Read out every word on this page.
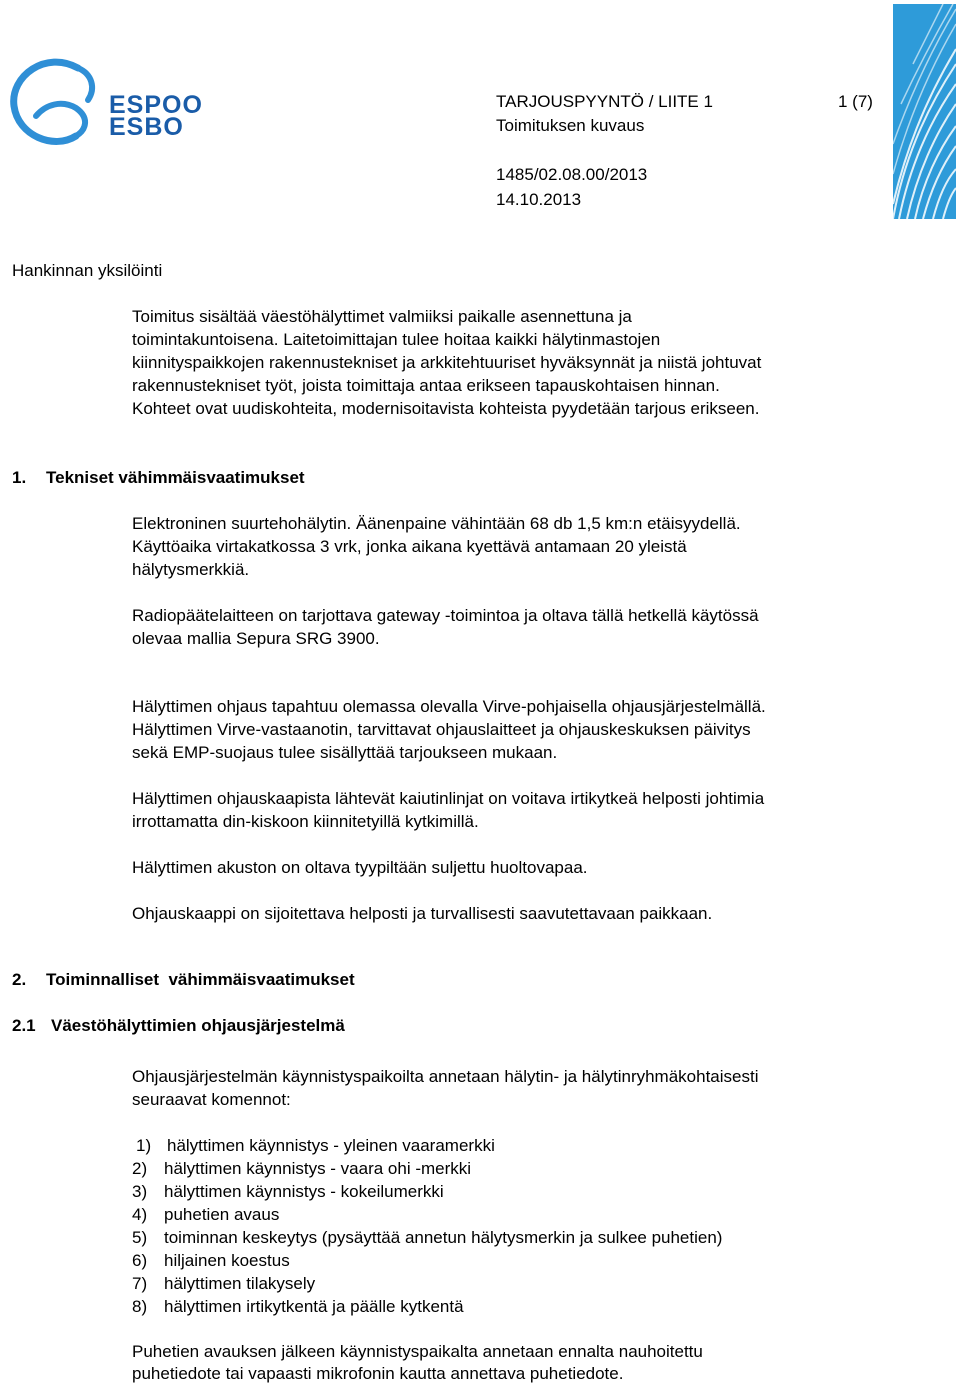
ESPOO
ESBO
TARJOUSPYYNTÖ / LIITE 1	1 (7)
Toimituksen kuvaus
1485/02.08.00/2013
14.10.2013
Hankinnan yksilöinti
Toimitus sisältää väestöhälyttimet valmiiksi paikalle asennettuna ja
toimintakuntoisena. Laitetoimittajan tulee hoitaa kaikki hälytinmastojen
kiinnityspaikkojen rakennustekniset ja arkkitehtuuriset hyväksynnät ja niistä johtuvat
rakennustekniset työt, joista toimittaja antaa erikseen tapauskohtaisen hinnan.
Kohteet ovat uudiskohteita, modernisoitavista kohteista pyydetään tarjous erikseen.
1. Tekniset vähimmäisvaatimukset
Elektroninen suurtehohälytin. Äänenpaine vähintään 68 db 1,5 km:n etäisyydellä.
Käyttöaika virtakatkossa 3 vrk, jonka aikana kyettävä antamaan 20 yleistä
hälytysmerkkiä.
Radiopäätelaitteen on tarjottava gateway -toimintoa ja oltava tällä hetkellä käytössä
olevaa mallia Sepura SRG 3900.
Hälyttimen ohjaus tapahtuu olemassa olevalla Virve-pohjaisella ohjausjärjestelmällä.
Hälyttimen Virve-vastaanotin, tarvittavat ohjauslaitteet ja ohjauskeskuksen päivitys
sekä EMP-suojaus tulee sisällyttää tarjoukseen mukaan.
Hälyttimen ohjauskaapista lähtevät kaiutinlinjat on voitava irtikytkeä helposti johtimia
irrottamatta din-kiskoon kiinnitetyillä kytkimillä.
Hälyttimen akuston on oltava tyypiltään suljettu huoltovapaa.
Ohjauskaappi on sijoitettava helposti ja turvallisesti saavutettavaan paikkaan.
2. Toiminnalliset  vähimmäisvaatimukset
2.1 Väestöhälyttimien ohjausjärjestelmä
Ohjausjärjestelmän käynnistyspaikoilta annetaan hälytin- ja hälytinryhmäkohtaisesti
seuraavat komennot:
1) hälyttimen käynnistys - yleinen vaaramerkki
2) hälyttimen käynnistys - vaara ohi -merkki
3) hälyttimen käynnistys - kokeilumerkki
4) puhetien avaus
5) toiminnan keskeytys (pysäyttää annetun hälytysmerkin ja sulkee puhetien)
6) hiljainen koestus
7) hälyttimen tilakysely
8) hälyttimen irtikytkentä ja päälle kytkentä
Puhetien avauksen jälkeen käynnistyspaikalta annetaan ennalta nauhoitettu
puhetiedote tai vapaasti mikrofonin kautta annettava puhetiedote.
